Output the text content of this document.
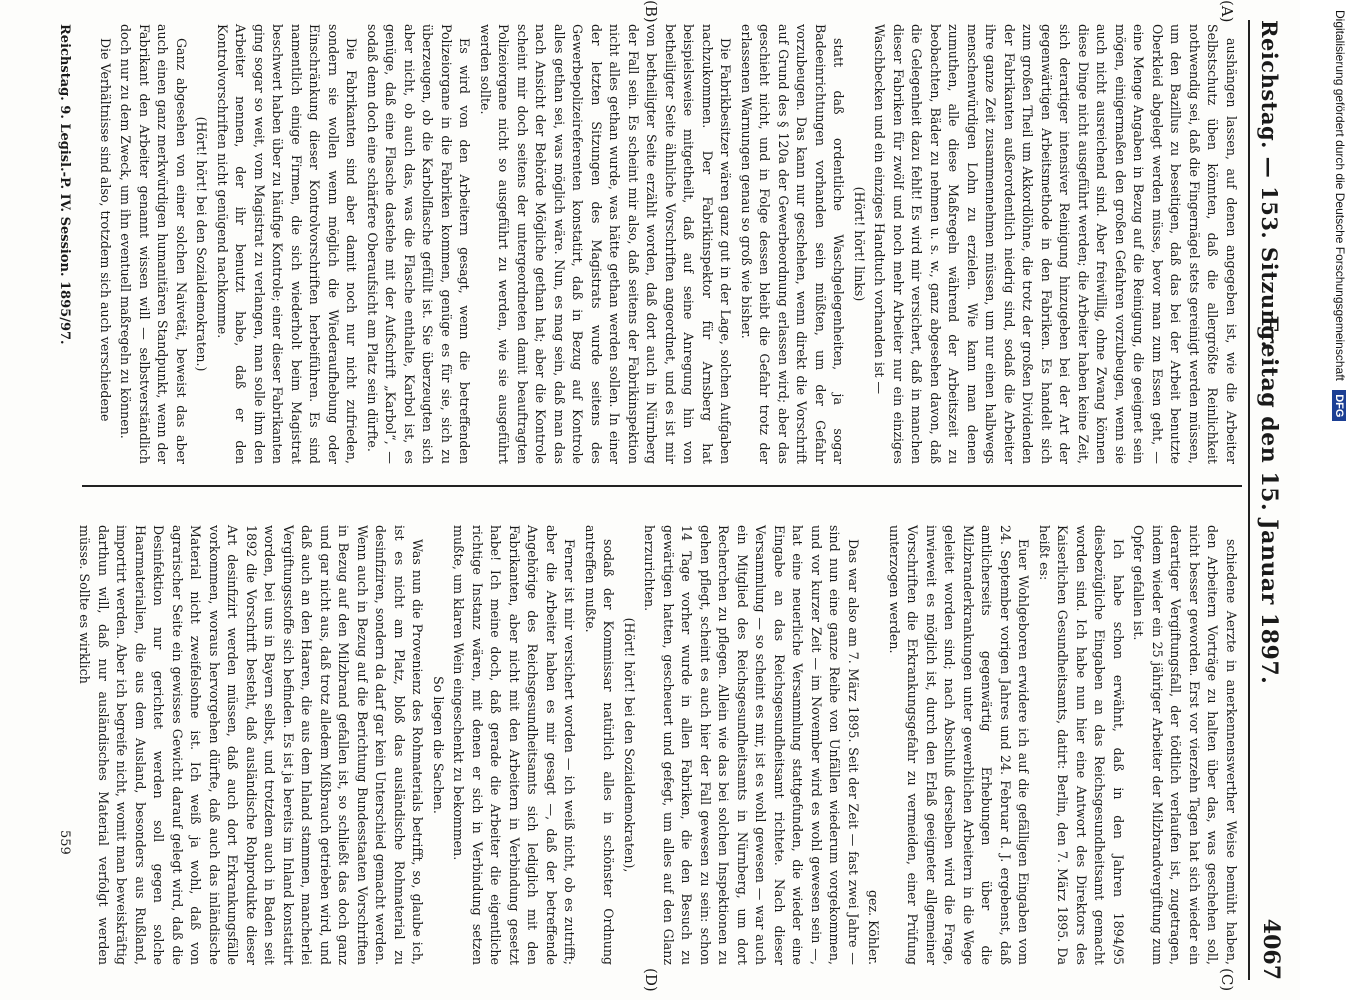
Reichstag. — 153. Sitzung.
Freitag den 15. Januar 1897.
4067
(A)
(B)
(C)
(D)

aushängen lassen, auf denen angegeben ist, wie die Arbeiter Selbstschutz üben könnten, daß die allergrößte Reinlichkeit nothwendig sei, daß die Fingernägel stets gereinigt werden müssen, um den Bazillus zu beseitigen, daß das bei der Arbeit benutzte Oberkleid abgelegt werden müsse, bevor man zum Essen geht, — eine Menge Angaben in Bezug auf die Reinigung, die geeignet sein mögen, einigermaßen den großen Gefahren vorzubeugen, wenn sie auch nicht ausreichend sind. Aber freiwillig, ohne Zwang können diese Dinge nicht ausgeführt werden; die Arbeiter haben keine Zeit, sich derartiger intensiver Reinigung hinzugeben bei der Art der gegenwärtigen Arbeitsmethode in den Fabriken. Es handelt sich zum großen Theil um Akkordlöhne, die trotz der großen Dividenden der Fabrikanten außerordentlich niedrig sind, sodaß die Arbeiter ihre ganze Zeit zusammennehmen müssen, um nur einen halbwegs menschenwürdigen Lohn zu erzielen. Wie kann man denen zumuthen, alle diese Maßregeln während der Arbeitszeit zu beobachten, Bäder zu nehmen u. s. w., ganz abgesehen davon, daß die Gelegenheit dazu fehlt! Es wird mir versichert, daß in manchen dieser Fabriken für zwölf und noch mehr Arbeiter nur ein einziges Waschbecken und ein einziges Handtuch vorhanden ist —

(Hört! hört! links)

statt daß ordentliche Waschgelegenheiten, ja sogar Badeeinrichtungen vorhanden sein müßten, um der Gefahr vorzubeugen. Das kann nur geschehen, wenn direkt die Vorschrift auf Grund des § 120a der Gewerbeordnung erlassen wird; aber das geschieht nicht, und in Folge dessen bleibt die Gefahr trotz der erlassenen Warnungen genau so groß wie bisher.

Die Fabrikbesitzer wären ganz gut in der Lage, solchen Aufgaben nachzukommen. Der Fabrikinspektor für Arnsberg hat beispielsweise mitgetheilt, daß auf seine Anregung hin von betheiligter Seite ähnliche Vorschriften angeordnet, und es ist mir von betheiligter Seite erzählt worden, daß dort auch in Nürnberg der Fall sein. Es scheint mir also, daß seitens der Fabrikinspektion nicht alles gethan wurde, was hätte gethan werden sollen. In einer der letzten Sitzungen des Magistrats wurde seitens des Gewerbepolizeireferenten konstatirt, daß in Bezug auf Kontrole alles gethan sei, was möglich wäre. Nun, es mag sein, daß man das nach Ansicht der Behörde Mögliche gethan hat; aber die Kontrole scheint mir doch seitens der untergeordneten damit beauftragten Polizeiorgane nicht so ausgeführt zu werden, wie sie ausgeführt werden sollte.

Es wird von den Arbeitern gesagt, wenn die betreffenden Polizeiorgane in die Fabriken kommen, genüge es für sie, sich zu überzeugen, ob die Karbolflasche gefüllt ist. Sie überzeugten sich aber nicht, ob auch das, was die Flasche enthalte, Karbol ist, es genüge, daß eine Flasche dastehe mit der Aufschrift „Karbol“, — sodaß denn doch eine schärfere Oberaufsicht am Platz sein dürfte.

Die Fabrikanten sind aber damit noch nur nicht zufrieden, sondern sie wollen wenn möglich die Wiederaufhebung oder Einschränkung dieser Kontrolvorschriften herbeiführen. Es sind namentlich einige Firmen, die sich wiederholt beim Magistrat beschwert haben über zu häufige Kontrole; einer dieser Fabrikanten ging sogar so weit, vom Magistrat zu verlangen, man solle ihm den Arbeiter nennen, der ihr benutzt habe, daß er den Kontrolvorschriften nicht genügend nachkomme.

(Hört! hört! bei den Sozialdemokraten.)

Ganz abgesehen von einer solchen Naivetät, beweist das aber auch einen ganz merkwürdigen humanitären Standpunkt, wenn der Fabrikant den Arbeiter genannt wissen will — selbstverständlich doch nur zu dem Zweck, um ihn eventuell maßregeln zu können.

Die Verhältnisse sind also, trotzdem sich auch verschiedene

schiedene Aerzte in anerkennenswerther Weise bemüht haben, den Arbeitern Vorträge zu halten über das, was geschehen soll, nicht besser geworden. Erst vor vierzehn Tagen hat sich wieder ein derartiger Vergiftungsfall, der tödtlich verlaufen ist, zugetragen, indem wieder ein 25 jähriger Arbeiter der Milzbrandvergiftung zum Opfer gefallen ist.

Ich habe schon erwähnt, daß in den Jahren 1894/95 diesbezügliche Eingaben an das Reichsgesundheitsamt gemacht worden sind. Ich habe nun hier eine Antwort des Direktors des Kaiserlichen Gesundheitsamts, datirt: Berlin, den 7. März 1895. Da heißt es:

Euer Wohlgeboren erwidere ich auf die gefälligen Eingaben vom 24. September vorigen Jahres und 24. Februar d. J. ergebenst, daß amtlicherseits gegenwärtig Erhebungen über die Milzbranderkrankungen unter gewerblichen Arbeitern in die Wege geleitet worden sind; nach Abschluß derselben wird die Frage, inwieweit es möglich ist, durch den Erlaß geeigneter allgemeiner Vorschriften die Erkrankungsgefahr zu vermeiden, einer Prüfung unterzogen werden.

gez. Köhler.

Das war also am 7. März 1895. Seit der Zeit — fast zwei Jahre — sind nun eine ganze Reihe von Unfällen wiederum vorgekommen, und vor kurzer Zeit — im November wird es wohl gewesen sein —, hat eine neuerliche Versammlung stattgefunden, die wieder eine Eingabe an das Reichsgesundheitsamt richtete. Nach dieser Versammlung — so scheint es mir, ist es wohl gewesen — war auch ein Mitglied des Reichsgesundheitsamts in Nürnberg, um dort Recherchen zu pflegen. Allein wie das bei solchen Inspektionen zu gehen pflegt, scheint es auch hier der Fall gewesen zu sein: schon 14 Tage vorher wurde in allen Fabriken, die den Besuch zu gewärtigen hatten, gescheuert und gefegt, um alles auf den Glanz herzurichten.

(Hört! hört! bei den Sozialdemokraten),

sodaß der Kommissar natürlich alles in schönster Ordnung antreffen mußte.

Ferner ist mir versichert worden — ich weiß nicht, ob es zutrifft; aber die Arbeiter haben es mir gesagt —, daß der betreffende Angehörige des Reichsgesundheitsamts sich lediglich mit den Fabrikanten, aber nicht mit den Arbeitern in Verbindung gesetzt habe! Ich meine doch, daß gerade die Arbeiter die eigentliche richtige Instanz wären, mit denen er sich in Verbindung setzen mußte, um klaren Wein eingeschenkt zu bekommen.

So liegen die Sachen.

Was nun die Provenienz des Rohmaterials betrifft, so, glaube ich, ist es nicht am Platz, bloß das ausländische Rohmaterial zu desinfiziren, sondern da darf gar kein Unterschied gemacht werden. Wenn auch in Bezug auf die Berichtung Bundesstaaten Vorschriften in Bezug auf den Milzbrand gefallen ist, so schließt das doch ganz und gar nicht aus, daß trotz alledem Mißbrauch getrieben wird, und daß auch an den Haaren, die aus dem Inland stammen, mancherlei Vergiftungsstoffe sich befinden. Es ist ja bereits im Inland konstatirt worden, bei uns in Bayern selbst, und trotzdem auch in Baden seit 1892 die Vorschrift besteht, daß ausländische Rohprodukte dieser Art desinfizirt werden müssen, daß auch dort Erkrankungsfälle vorkommen, woraus hervorgehen dürfte, daß auch das inländische Material nicht zweifelsohne ist. Ich weiß ja wohl, daß von agrarischer Seite ein gewisses Gewicht darauf gelegt wird, daß die Desinfektion nur gerichtet werden soll gegen solche Haarmaterialien, die aus dem Ausland, besonders aus Rußland, importirt werden. Aber ich begreife nicht, womit man beweiskräftig darthun will, daß nur ausländisches Material verfolgt werden müsse. Sollte es wirklich

Reichstag. 9. Legisl.-P. IV. Session. 1895/97.
559
Digitalisierung gefördert durch die Deutsche Forschungsgemeinschaft DFG
